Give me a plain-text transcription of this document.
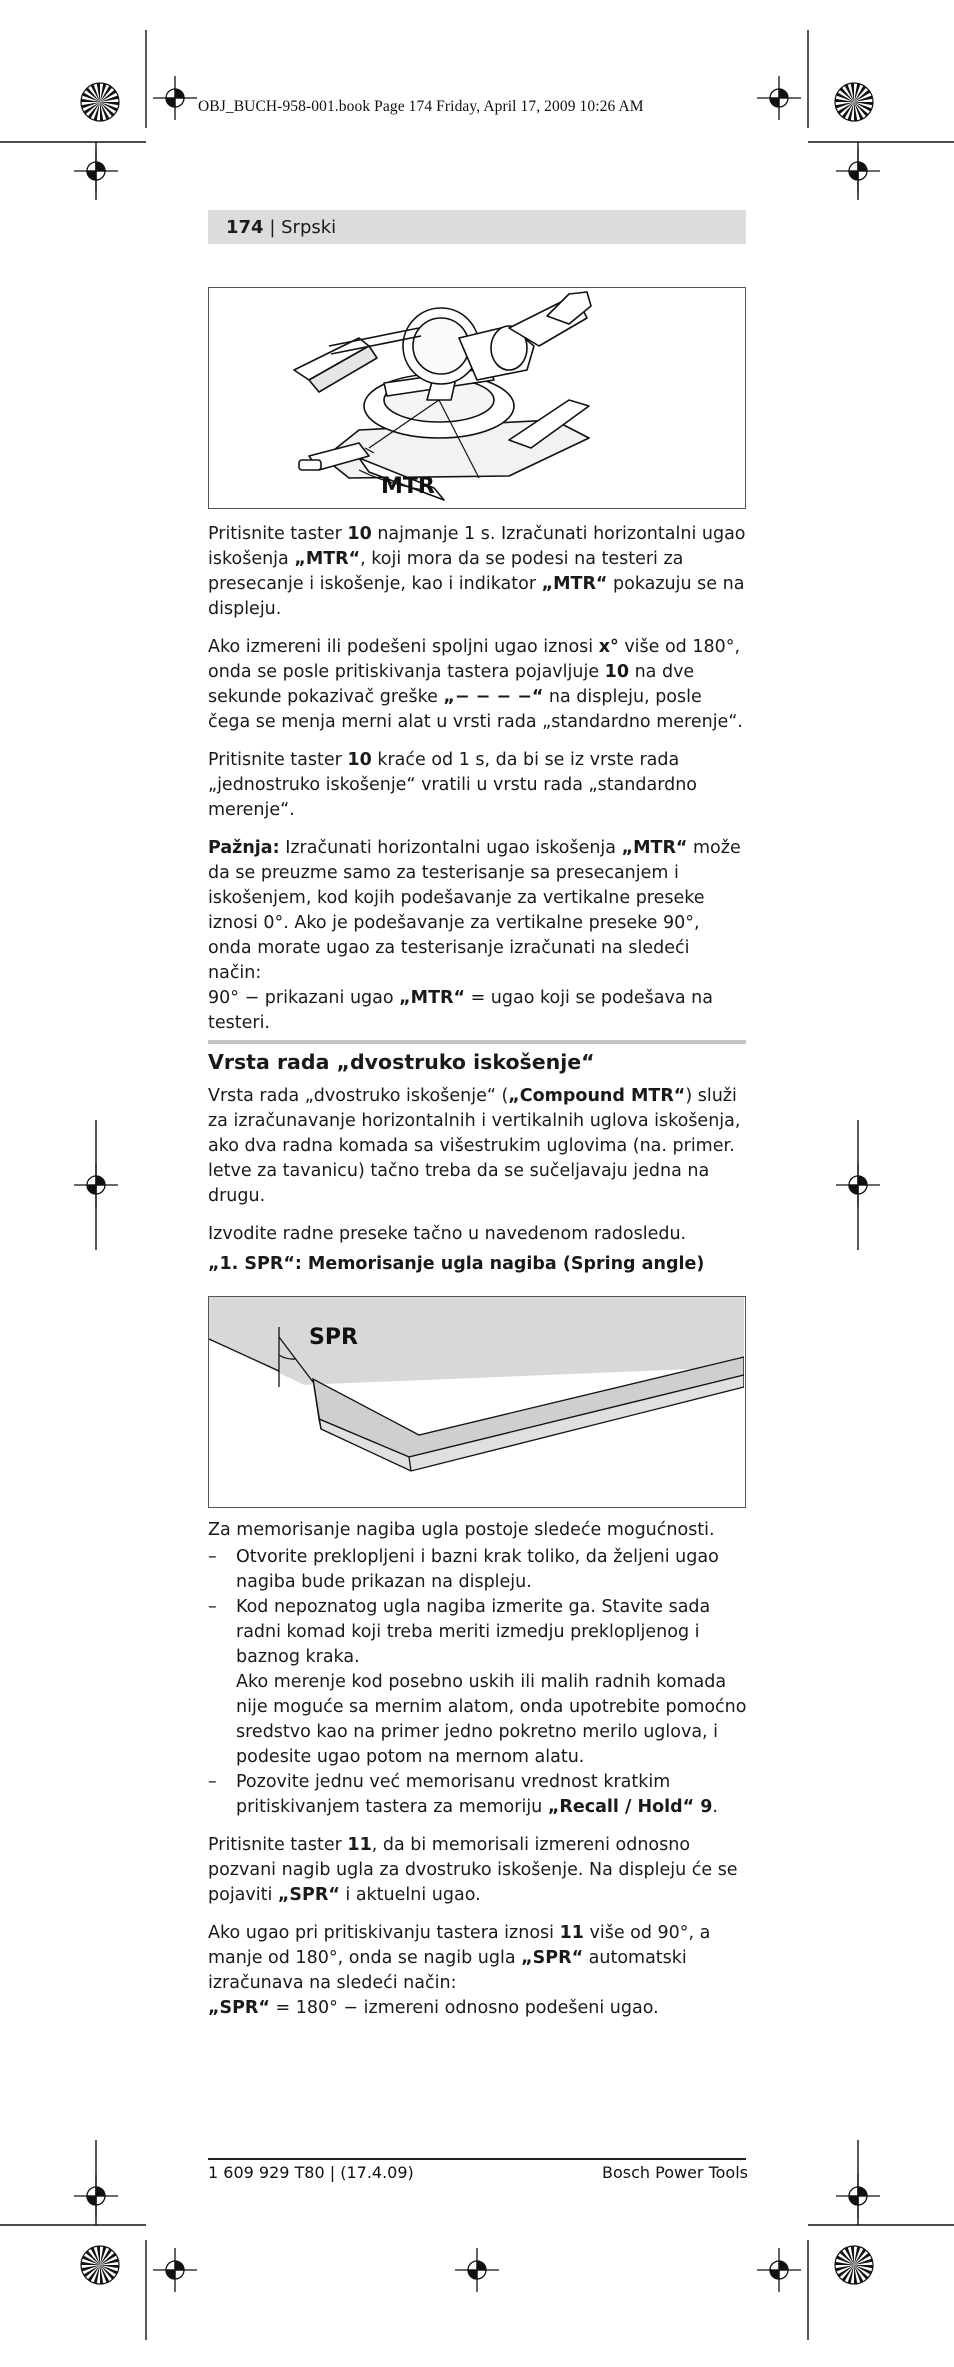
OBJ_BUCH-958-001.book Page 174 Friday, April 17, 2009 10:26 AM
174 | Srpski
MTR

Pritisnite taster 10 najmanje 1 s. Izračunati horizontalni ugao iskošenja „MTR“, koji mora da se podesi na testeri za presecanje i iskošenje, kao i indikator „MTR“ pokazuju se na displeju.

Ako izmereni ili podešeni spoljni ugao iznosi x° više od 180°, onda se posle pritiskivanja tastera pojavljuje 10 na dve sekunde pokazivač greške „− − − −“ na displeju, posle čega se menja merni alat u vrsti rada „standardno merenje“.

Pritisnite taster 10 kraće od 1 s, da bi se iz vrste rada „jednostruko iskošenje“ vratili u vrstu rada „standardno merenje“.

Pažnja: Izračunati horizontalni ugao iskošenja „MTR“ može da se preuzme samo za testerisanje sa presecanjem i iskošenjem, kod kojih podešavanje za vertikalne preseke iznosi 0°. Ako je podešavanje za vertikalne preseke 90°, onda morate ugao za testerisanje izračunati na sledeći način:
90° − prikazani ugao „MTR“ = ugao koji se podešava na testeri.

Vrsta rada „dvostruko iskošenje“

Vrsta rada „dvostruko iskošenje“ („Compound MTR“) služi za izračunavanje horizontalnih i vertikalnih uglova iskošenja, ako dva radna komada sa višestrukim uglovima (na. primer. letve za tavanicu) tačno treba da se sučeljavaju jedna na drugu.

Izvodite radne preseke tačno u navedenom radosledu.

„1. SPR“: Memorisanje ugla nagiba (Spring angle)
SPR

Za memorisanje nagiba ugla postoje sledeće mogućnosti.

–	Otvorite preklopljeni i bazni krak toliko, da željeni ugao nagiba bude prikazan na displeju.
–	Kod nepoznatog ugla nagiba izmerite ga. Stavite sada radni komad koji treba meriti izmedju preklopljenog i baznog kraka.
Ako merenje kod posebno uskih ili malih radnih komada nije moguće sa mernim alatom, onda upotrebite pomoćno sredstvo kao na primer jedno pokretno merilo uglova, i podesite ugao potom na mernom alatu.
–	Pozovite jednu već memorisanu vrednost kratkim pritiskivanjem tastera za memoriju „Recall / Hold“ 9.

Pritisnite taster 11, da bi memorisali izmereni odnosno pozvani nagib ugla za dvostruko iskošenje. Na displeju će se pojaviti „SPR“ i aktuelni ugao.

Ako ugao pri pritiskivanju tastera iznosi 11 više od 90°, a manje od 180°, onda se nagib ugla „SPR“ automatski izračunava na sledeći način:
„SPR“ = 180° − izmereni odnosno podešeni ugao.

1 609 929 T80 | (17.4.09)	Bosch Power Tools
